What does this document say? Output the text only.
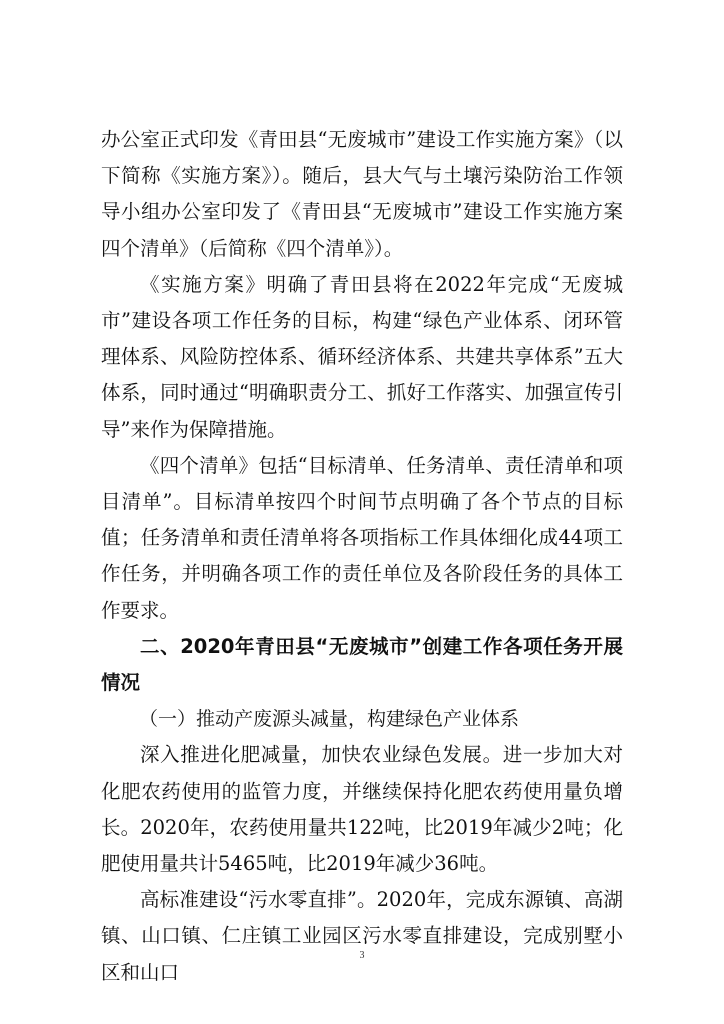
办公室正式印发《青田县“无废城市”建设工作实施方案》（以下简称《实施方案》）。随后，县大气与土壤污染防治工作领导小组办公室印发了《青田县“无废城市”建设工作实施方案四个清单》（后简称《四个清单》）。

《实施方案》明确了青田县将在2022年完成“无废城市”建设各项工作任务的目标，构建“绿色产业体系、闭环管理体系、风险防控体系、循环经济体系、共建共享体系”五大体系，同时通过“明确职责分工、抓好工作落实、加强宣传引导”来作为保障措施。

《四个清单》包括“目标清单、任务清单、责任清单和项目清单”。目标清单按四个时间节点明确了各个节点的目标值；任务清单和责任清单将各项指标工作具体细化成44项工作任务，并明确各项工作的责任单位及各阶段任务的具体工作要求。

二、2020年青田县“无废城市”创建工作各项任务开展情况

（一）推动产废源头减量，构建绿色产业体系

深入推进化肥减量，加快农业绿色发展。进一步加大对化肥农药使用的监管力度，并继续保持化肥农药使用量负增长。2020年，农药使用量共122吨，比2019年减少2吨；化肥使用量共计5465吨，比2019年减少36吨。

高标准建设“污水零直排”。2020年，完成东源镇、高湖镇、山口镇、仁庄镇工业园区污水零直排建设，完成别墅小区和山口

3
